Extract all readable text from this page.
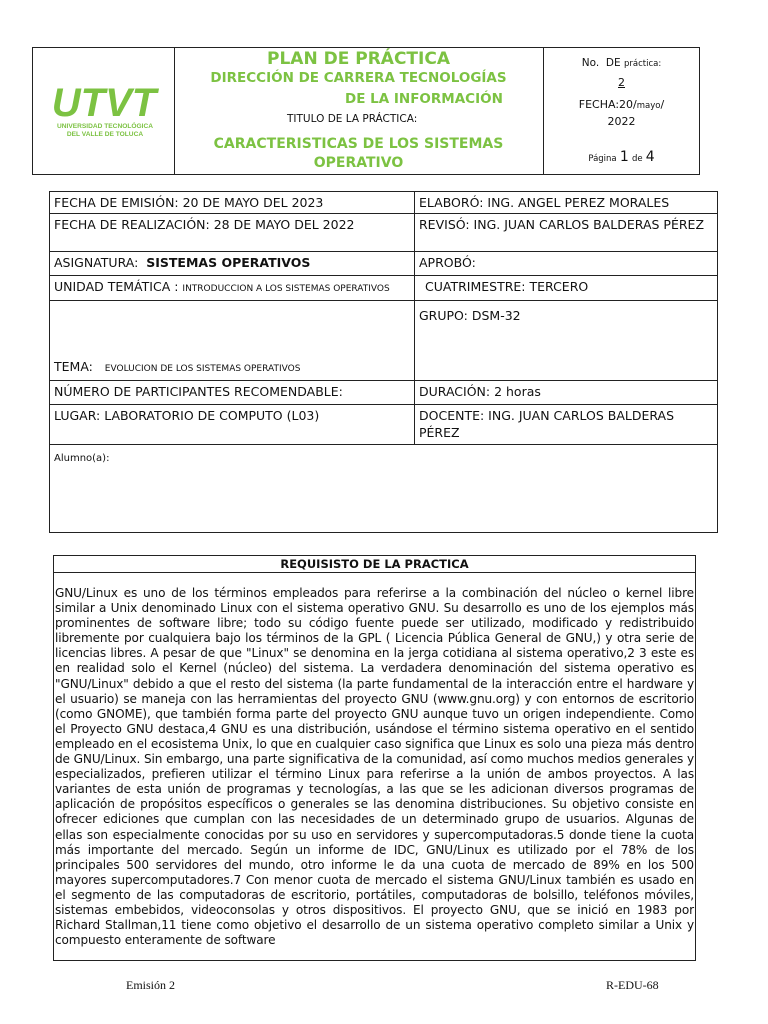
UTVT
UNIVERSIDAD TECNOLÓGICA
DEL VALLE DE TOLUCA
PLAN DE PRÁCTICA
DIRECCIÓN DE CARRERA TECNOLOGÍAS
DE LA INFORMACIÓN
TITULO DE LA PRÁCTICA:
CARACTERISTICAS DE LOS SISTEMAS
OPERATIVO
No. DE práctica:
2
FECHA:20/mayo/
2022
Página 1 de 4
FECHA DE EMISIÓN: 20 DE MAYO DEL 2023	ELABORÓ: ING. ANGEL PEREZ MORALES
FECHA DE REALIZACIÓN: 28 DE MAYO DEL 2022	REVISÓ: ING. JUAN CARLOS BALDERAS PÉREZ
ASIGNATURA: SISTEMAS OPERATIVOS	APROBÓ:
UNIDAD TEMÁTICA : INTRODUCCION A LOS SISTEMAS OPERATIVOS	CUATRIMESTRE: TERCERO
TEMA: EVOLUCION DE LOS SISTEMAS OPERATIVOS	GRUPO: DSM-32
NÚMERO DE PARTICIPANTES RECOMENDABLE:	DURACIÓN: 2 horas
LUGAR: LABORATORIO DE COMPUTO (L03)	DOCENTE: ING. JUAN CARLOS BALDERAS PÉREZ
Alumno(a):	
REQUISISTO DE LA PRACTICA
GNU/Linux es uno de los términos empleados para referirse a la combinación del núcleo o kernel libre similar a Unix denominado Linux con el sistema operativo GNU. Su desarrollo es uno de los ejemplos más prominentes de software libre; todo su código fuente puede ser utilizado, modificado y redistribuido libremente por cualquiera bajo los términos de la GPL ( Licencia Pública General de GNU,) y otra serie de licencias libres. A pesar de que "Linux" se denomina en la jerga cotidiana al sistema operativo,2 3 este es en realidad solo el Kernel (núcleo) del sistema. La verdadera denominación del sistema operativo es "GNU/Linux" debido a que el resto del sistema (la parte fundamental de la interacción entre el hardware y el usuario) se maneja con las herramientas del proyecto GNU (www.gnu.org) y con entornos de escritorio (como GNOME), que también forma parte del proyecto GNU aunque tuvo un origen independiente. Como el Proyecto GNU destaca,4 GNU es una distribución, usándose el término sistema operativo en el sentido empleado en el ecosistema Unix, lo que en cualquier caso significa que Linux es solo una pieza más dentro de GNU/Linux. Sin embargo, una parte significativa de la comunidad, así como muchos medios generales y especializados, prefieren utilizar el término Linux para referirse a la unión de ambos proyectos. A las variantes de esta unión de programas y tecnologías, a las que se les adicionan diversos programas de aplicación de propósitos específicos o generales se las denomina distribuciones. Su objetivo consiste en ofrecer ediciones que cumplan con las necesidades de un determinado grupo de usuarios. Algunas de ellas son especialmente conocidas por su uso en servidores y supercomputadoras.5 donde tiene la cuota más importante del mercado. Según un informe de IDC, GNU/Linux es utilizado por el 78% de los principales 500 servidores del mundo, otro informe le da una cuota de mercado de 89% en los 500 mayores supercomputadores.7 Con menor cuota de mercado el sistema GNU/Linux también es usado en el segmento de las computadoras de escritorio, portátiles, computadoras de bolsillo, teléfonos móviles, sistemas embebidos, videoconsolas y otros dispositivos. El proyecto GNU, que se inició en 1983 por Richard Stallman,11 tiene como objetivo el desarrollo de un sistema operativo completo similar a Unix y compuesto enteramente de software
Emisión 2	R-EDU-68
